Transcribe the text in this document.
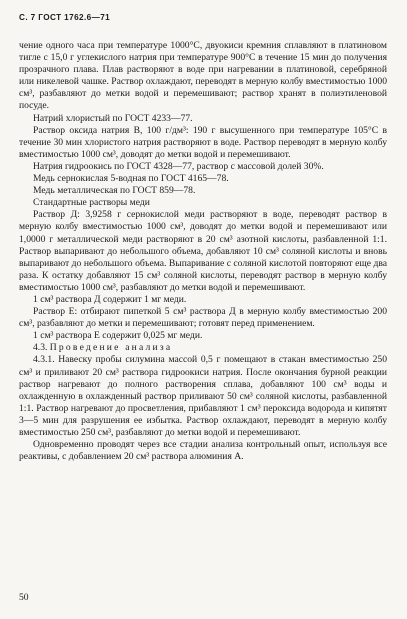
С. 7 ГОСТ 1762.6—71

чение одного часа при температуре 1000°С, двуокиси кремния сплавляют в платиновом тигле с 15,0 г углекислого натрия при температуре 900°С в течение 15 мин до получения прозрачного плава. Плав растворяют в воде при нагревании в платиновой, серебряной или никелевой чашке. Раствор охлаждают, переводят в мерную колбу вместимостью 1000 см³, разбавляют до метки водой и перемешивают; раствор хранят в полиэтиленовой посуде.

Натрий хлористый по ГОСТ 4233—77.

Раствор оксида натрия В, 100 г/дм³: 190 г высушенного при температуре 105°С в течение 30 мин хлористого натрия растворяют в воде. Раствор переводят в мерную колбу вместимостью 1000 см³, доводят до метки водой и перемешивают.

Натрия гидроокись по ГОСТ 4328—77, раствор с массовой долей 30%.

Медь сернокислая 5-водная по ГОСТ 4165—78.

Медь металлическая по ГОСТ 859—78.

Стандартные растворы меди

Раствор Д: 3,9258 г сернокислой меди растворяют в воде, переводят раствор в мерную колбу вместимостью 1000 см³, доводят до метки водой и перемешивают или 1,0000 г металлической меди растворяют в 20 см³ азотной кислоты, разбавленной 1:1. Раствор выпаривают до небольшого объема, добавляют 10 см³ соляной кислоты и вновь выпаривают до небольшого объема. Выпаривание с соляной кислотой повторяют еще два раза. К остатку добавляют 15 см³ соляной кислоты, переводят раствор в мерную колбу вместимостью 1000 см³, разбавляют до метки водой и перемешивают.

1 см³ раствора Д содержит 1 мг меди.

Раствор Е: отбирают пипеткой 5 см³ раствора Д в мерную колбу вместимостью 200 см³, разбавляют до метки и перемешивают; готовят перед применением.

1 см³ раствора Е содержит 0,025 мг меди.

4.3. Проведение анализа

4.3.1. Навеску пробы силумина массой 0,5 г помещают в стакан вместимостью 250 см³ и приливают 20 см³ раствора гидроокиси натрия. После окончания бурной реакции раствор нагревают до полного растворения сплава, добавляют 100 см³ воды и охлажденную в охлажденный раствор приливают 50 см³ соляной кислоты, разбавленной 1:1. Раствор нагревают до просветления, прибавляют 1 см³ пероксида водорода и кипятят 3—5 мин для разрушения ее избытка. Раствор охлаждают, переводят в мерную колбу вместимостью 250 см³, разбавляют до метки водой и перемешивают.

Одновременно проводят через все стадии анализа контрольный опыт, используя все реактивы, с добавлением 20 см³ раствора алюминия А.

50
